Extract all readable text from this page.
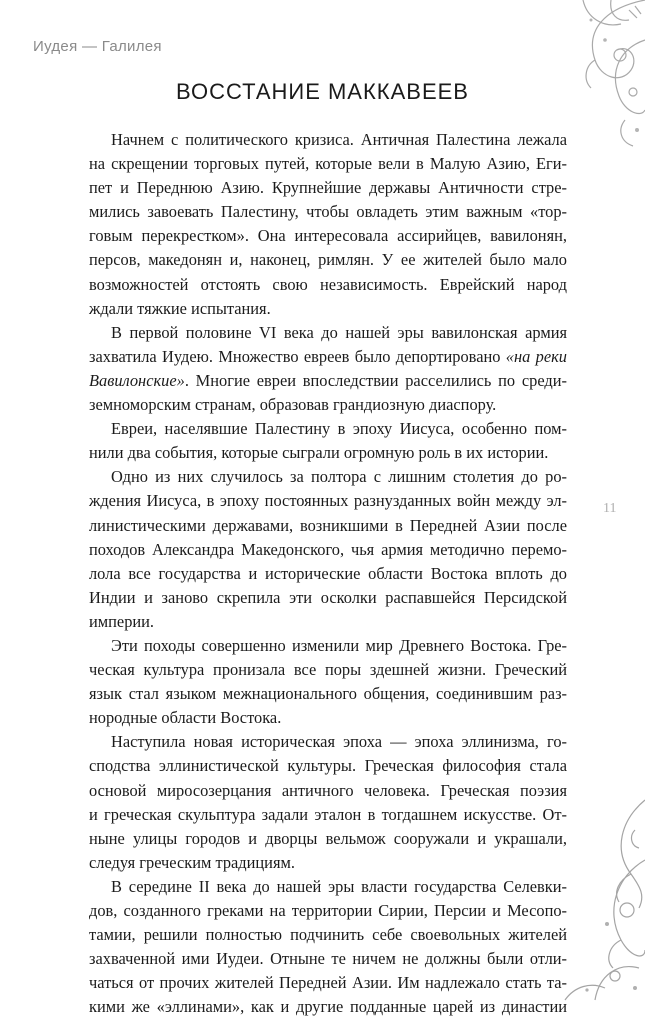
Иудея — Галилея
ВОССТАНИЕ МАККАВЕЕВ
Начнем с политического кризиса. Античная Палестина лежала
на скрещении торговых путей, которые вели в Малую Азию, Еги-
пет и Переднюю Азию. Крупнейшие державы Античности стре-
мились завоевать Палестину, чтобы овладеть этим важным «тор-
говым перекрестком». Она интересовала ассирийцев, вавилонян,
персов, македонян и, наконец, римлян. У ее жителей было мало
возможностей отстоять свою независимость. Еврейский народ
ждали тяжкие испытания.
В первой половине VI века до нашей эры вавилонская армия
захватила Иудею. Множество евреев было депортировано «на реки
Вавилонские». Многие евреи впоследствии расселились по среди-
земноморским странам, образовав грандиозную диаспору.
Евреи, населявшие Палестину в эпоху Иисуса, особенно пом-
нили два события, которые сыграли огромную роль в их истории.
Одно из них случилось за полтора с лишним столетия до ро-
ждения Иисуса, в эпоху постоянных разнузданных войн между эл-
линистическими державами, возникшими в Передней Азии после
походов Александра Македонского, чья армия методично перемо-
лола все государства и исторические области Востока вплоть до
Индии и заново скрепила эти осколки распавшейся Персидской
империи.
Эти походы совершенно изменили мир Древнего Востока. Гре-
ческая культура пронизала все поры здешней жизни. Греческий
язык стал языком межнационального общения, соединившим раз-
нородные области Востока.
Наступила новая историческая эпоха — эпоха эллинизма, го-
сподства эллинистической культуры. Греческая философия стала
основой миросозерцания античного человека. Греческая поэзия
и греческая скульптура задали эталон в тогдашнем искусстве. От-
ныне улицы городов и дворцы вельмож сооружали и украшали,
следуя греческим традициям.
В середине II века до нашей эры власти государства Селевки-
дов, созданного греками на территории Сирии, Персии и Месопо-
тамии, решили полностью подчинить себе своевольных жителей
захваченной ими Иудеи. Отныне те ничем не должны были отли-
чаться от прочих жителей Передней Азии. Им надлежало стать та-
кими же «эллинами», как и другие подданные царей из династии
11
